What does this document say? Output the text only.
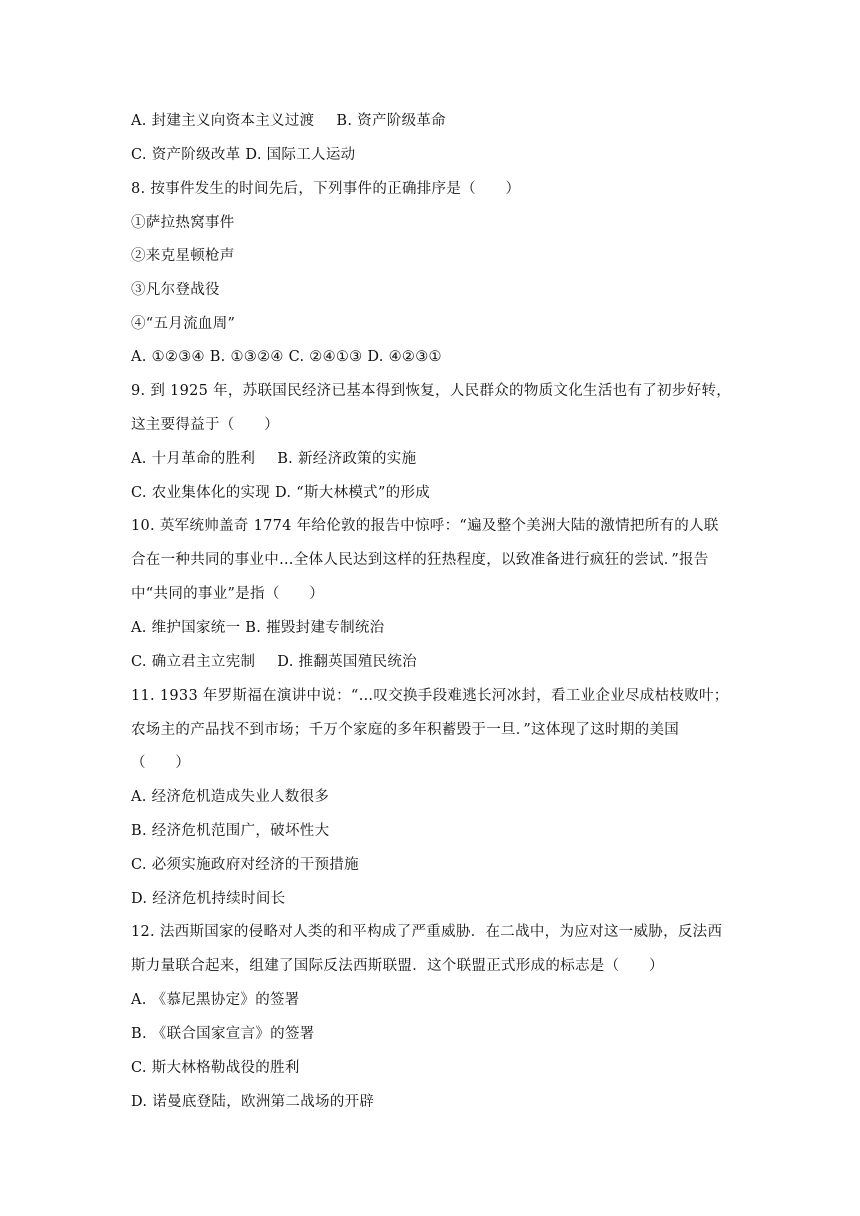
A. 封建主义向资本主义过渡 B. 资产阶级革命
C. 资产阶级改革 D. 国际工人运动
8. 按事件发生的时间先后，下列事件的正确排序是（　　）
①萨拉热窝事件
②来克星顿枪声
③凡尔登战役
④“五月流血周”
A. ①②③④ B. ①③②④ C. ②④①③ D. ④②③①
9. 到 1925 年，苏联国民经济已基本得到恢复，人民群众的物质文化生活也有了初步好转，
这主要得益于（　　）
A. 十月革命的胜利 B. 新经济政策的实施
C. 农业集体化的实现 D. “斯大林模式”的形成
10. 英军统帅盖奇 1774 年给伦敦的报告中惊呼：“遍及整个美洲大陆的激情把所有的人联
合在一种共同的事业中…全体人民达到这样的狂热程度，以致准备进行疯狂的尝试．”报告
中“共同的事业”是指（　　）
A. 维护国家统一 B. 摧毁封建专制统治
C. 确立君主立宪制 D. 推翻英国殖民统治
11. 1933 年罗斯福在演讲中说：“…叹交换手段难逃长河冰封，看工业企业尽成枯枝败叶；
农场主的产品找不到市场；千万个家庭的多年积蓄毁于一旦．”这体现了这时期的美国
（　　）
A. 经济危机造成失业人数很多
B. 经济危机范围广，破坏性大
C. 必须实施政府对经济的干预措施
D. 经济危机持续时间长
12. 法西斯国家的侵略对人类的和平构成了严重威胁．在二战中，为应对这一威胁，反法西
斯力量联合起来，组建了国际反法西斯联盟．这个联盟正式形成的标志是（　　）
A. 《慕尼黑协定》的签署
B. 《联合国家宣言》的签署
C. 斯大林格勒战役的胜利
D. 诺曼底登陆，欧洲第二战场的开辟
